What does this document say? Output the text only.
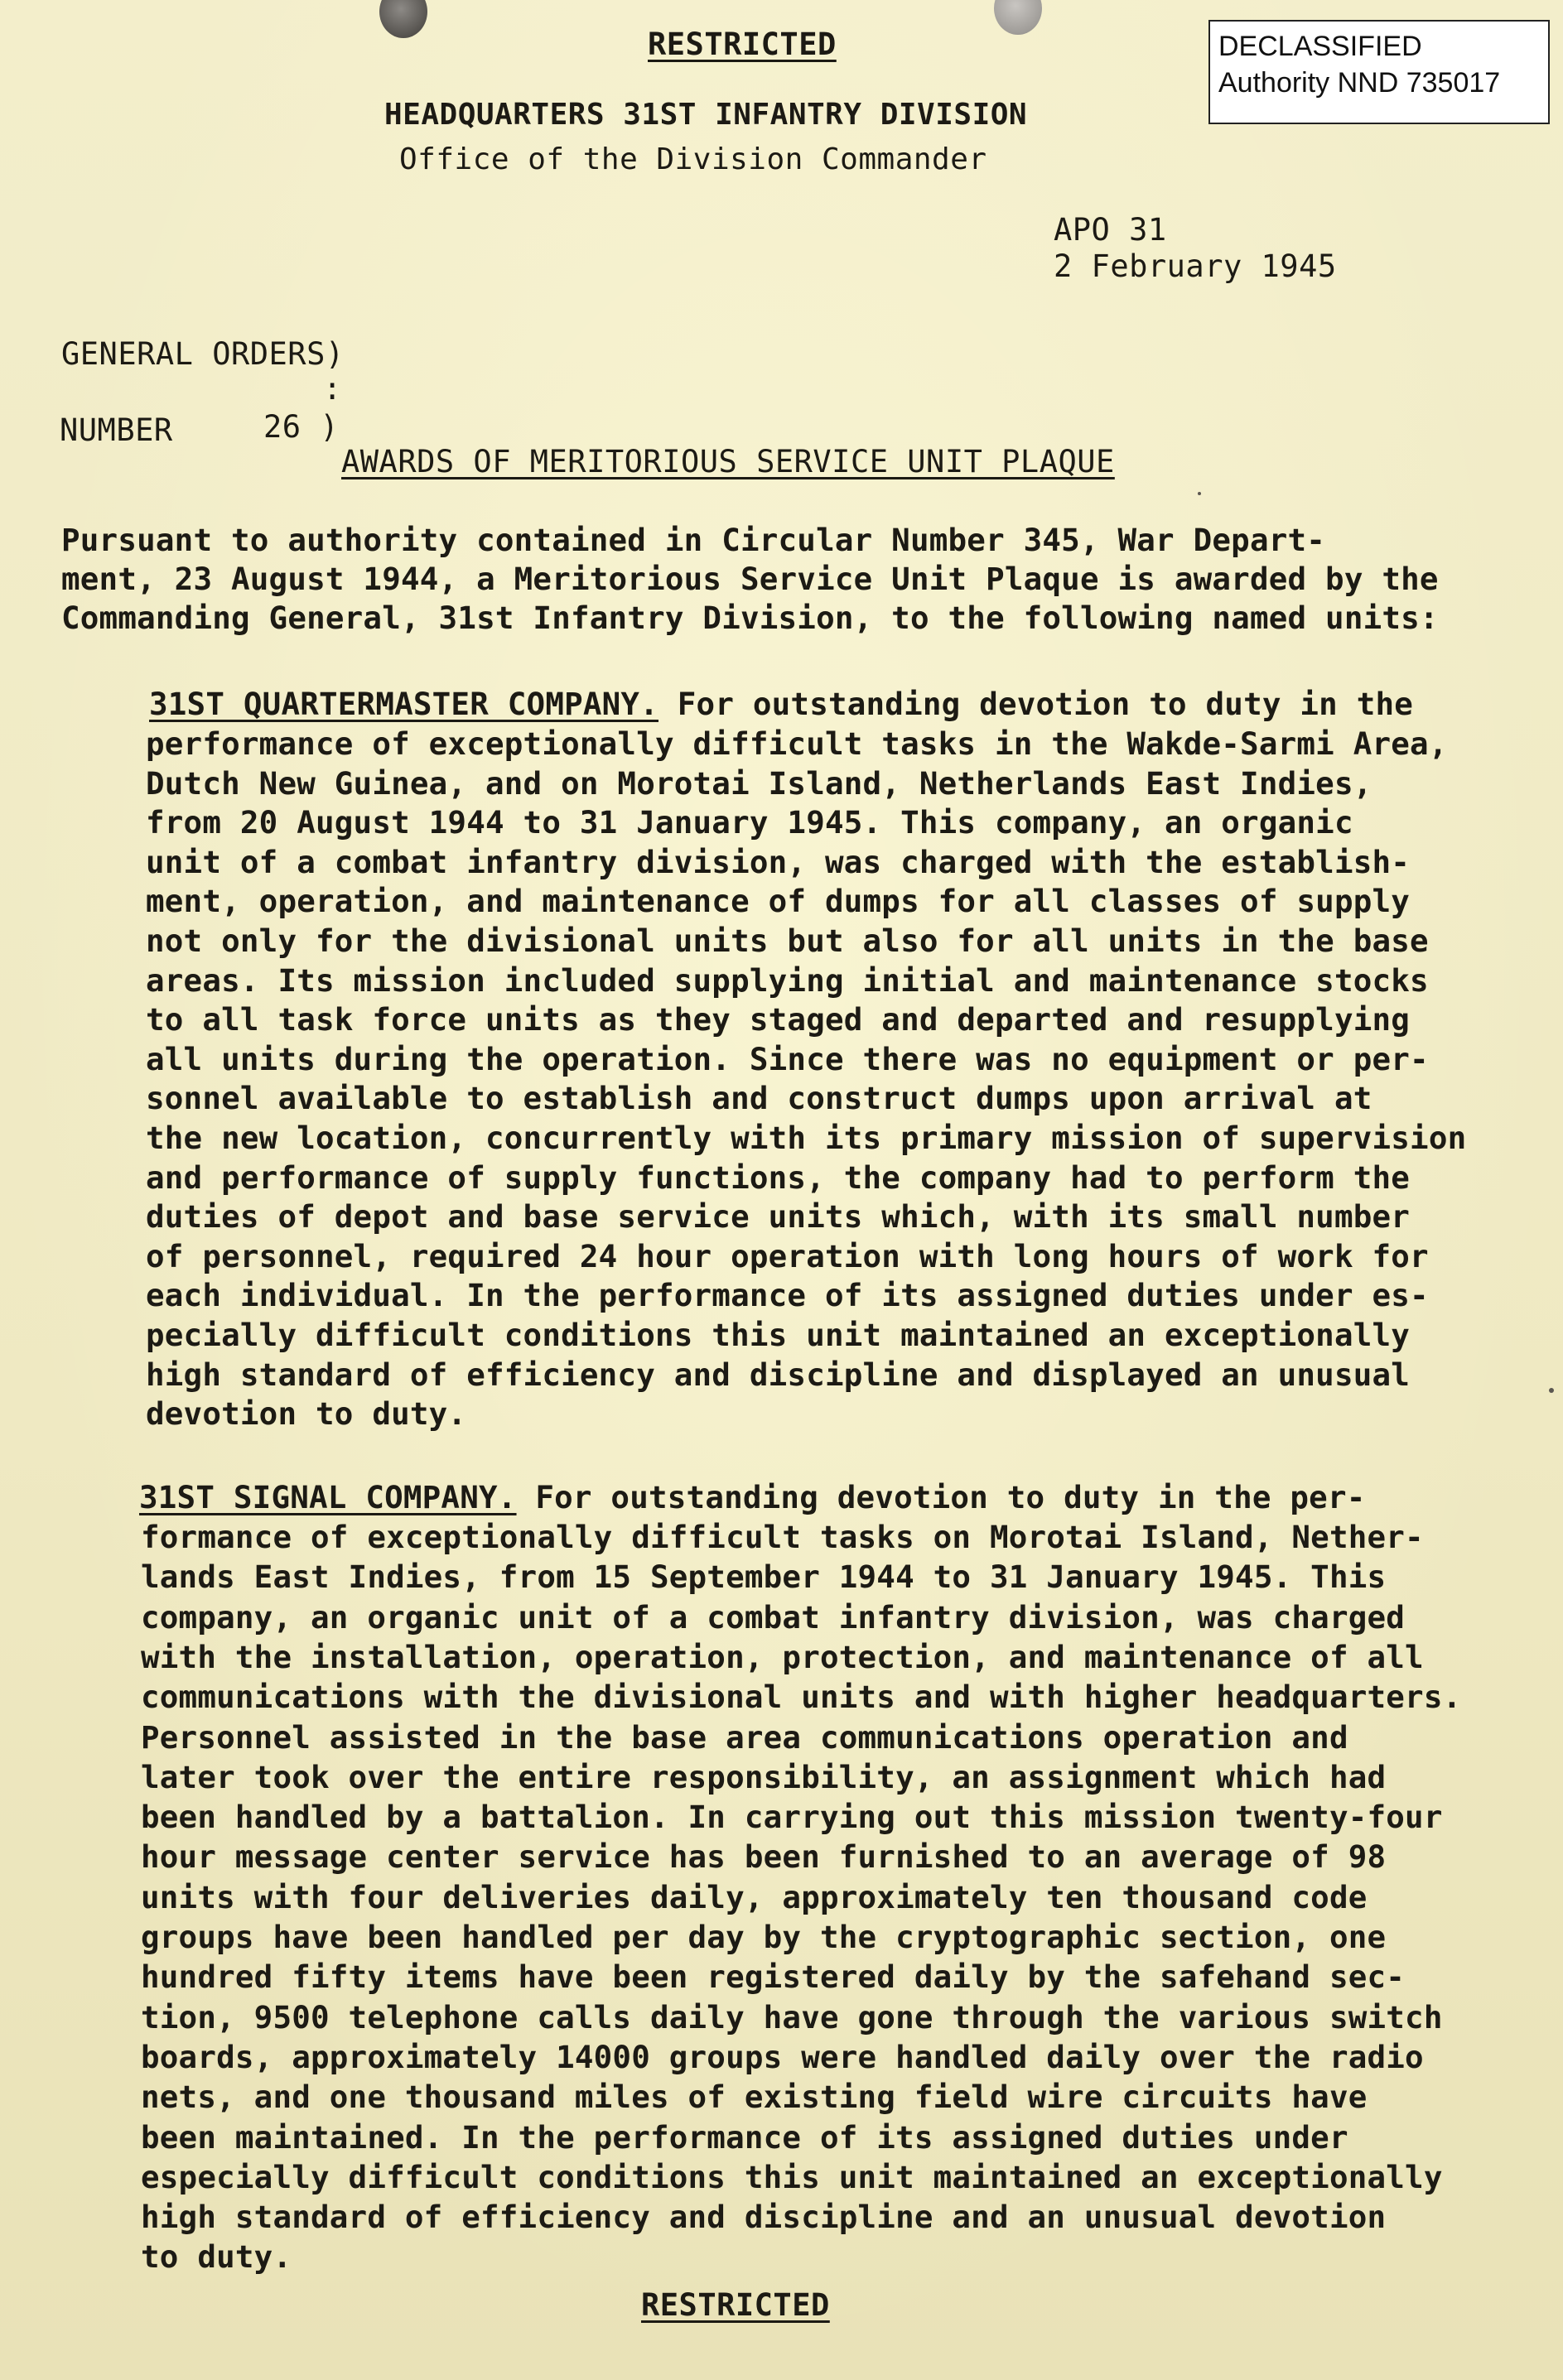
DECLASSIFIED
Authority NND 735017
RESTRICTED
HEADQUARTERS 31ST INFANTRY DIVISION
Office of the Division Commander
APO 31
2 February 1945
GENERAL ORDERS)
:
NUMBER	26 )
AWARDS OF MERITORIOUS SERVICE UNIT PLAQUE
Pursuant to authority contained in Circular Number 345, War Depart-
ment, 23 August 1944, a Meritorious Service Unit Plaque is awarded by the
Commanding General, 31st Infantry Division, to the following named units:
31ST QUARTERMASTER COMPANY. For outstanding devotion to duty in the
performance of exceptionally difficult tasks in the Wakde-Sarmi Area,
Dutch New Guinea, and on Morotai Island, Netherlands East Indies,
from 20 August 1944 to 31 January 1945. This company, an organic
unit of a combat infantry division, was charged with the establish-
ment, operation, and maintenance of dumps for all classes of supply
not only for the divisional units but also for all units in the base
areas. Its mission included supplying initial and maintenance stocks
to all task force units as they staged and departed and resupplying
all units during the operation. Since there was no equipment or per-
sonnel available to establish and construct dumps upon arrival at
the new location, concurrently with its primary mission of supervision
and performance of supply functions, the company had to perform the
duties of depot and base service units which, with its small number
of personnel, required 24 hour operation with long hours of work for
each individual. In the performance of its assigned duties under es-
pecially difficult conditions this unit maintained an exceptionally
high standard of efficiency and discipline and displayed an unusual
devotion to duty.
31ST SIGNAL COMPANY. For outstanding devotion to duty in the per-
formance of exceptionally difficult tasks on Morotai Island, Nether-
lands East Indies, from 15 September 1944 to 31 January 1945. This
company, an organic unit of a combat infantry division, was charged
with the installation, operation, protection, and maintenance of all
communications with the divisional units and with higher headquarters.
Personnel assisted in the base area communications operation and
later took over the entire responsibility, an assignment which had
been handled by a battalion. In carrying out this mission twenty-four
hour message center service has been furnished to an average of 98
units with four deliveries daily, approximately ten thousand code
groups have been handled per day by the cryptographic section, one
hundred fifty items have been registered daily by the safehand sec-
tion, 9500 telephone calls daily have gone through the various switch
boards, approximately 14000 groups were handled daily over the radio
nets, and one thousand miles of existing field wire circuits have
been maintained. In the performance of its assigned duties under
especially difficult conditions this unit maintained an exceptionally
high standard of efficiency and discipline and an unusual devotion
to duty.
RESTRICTED
